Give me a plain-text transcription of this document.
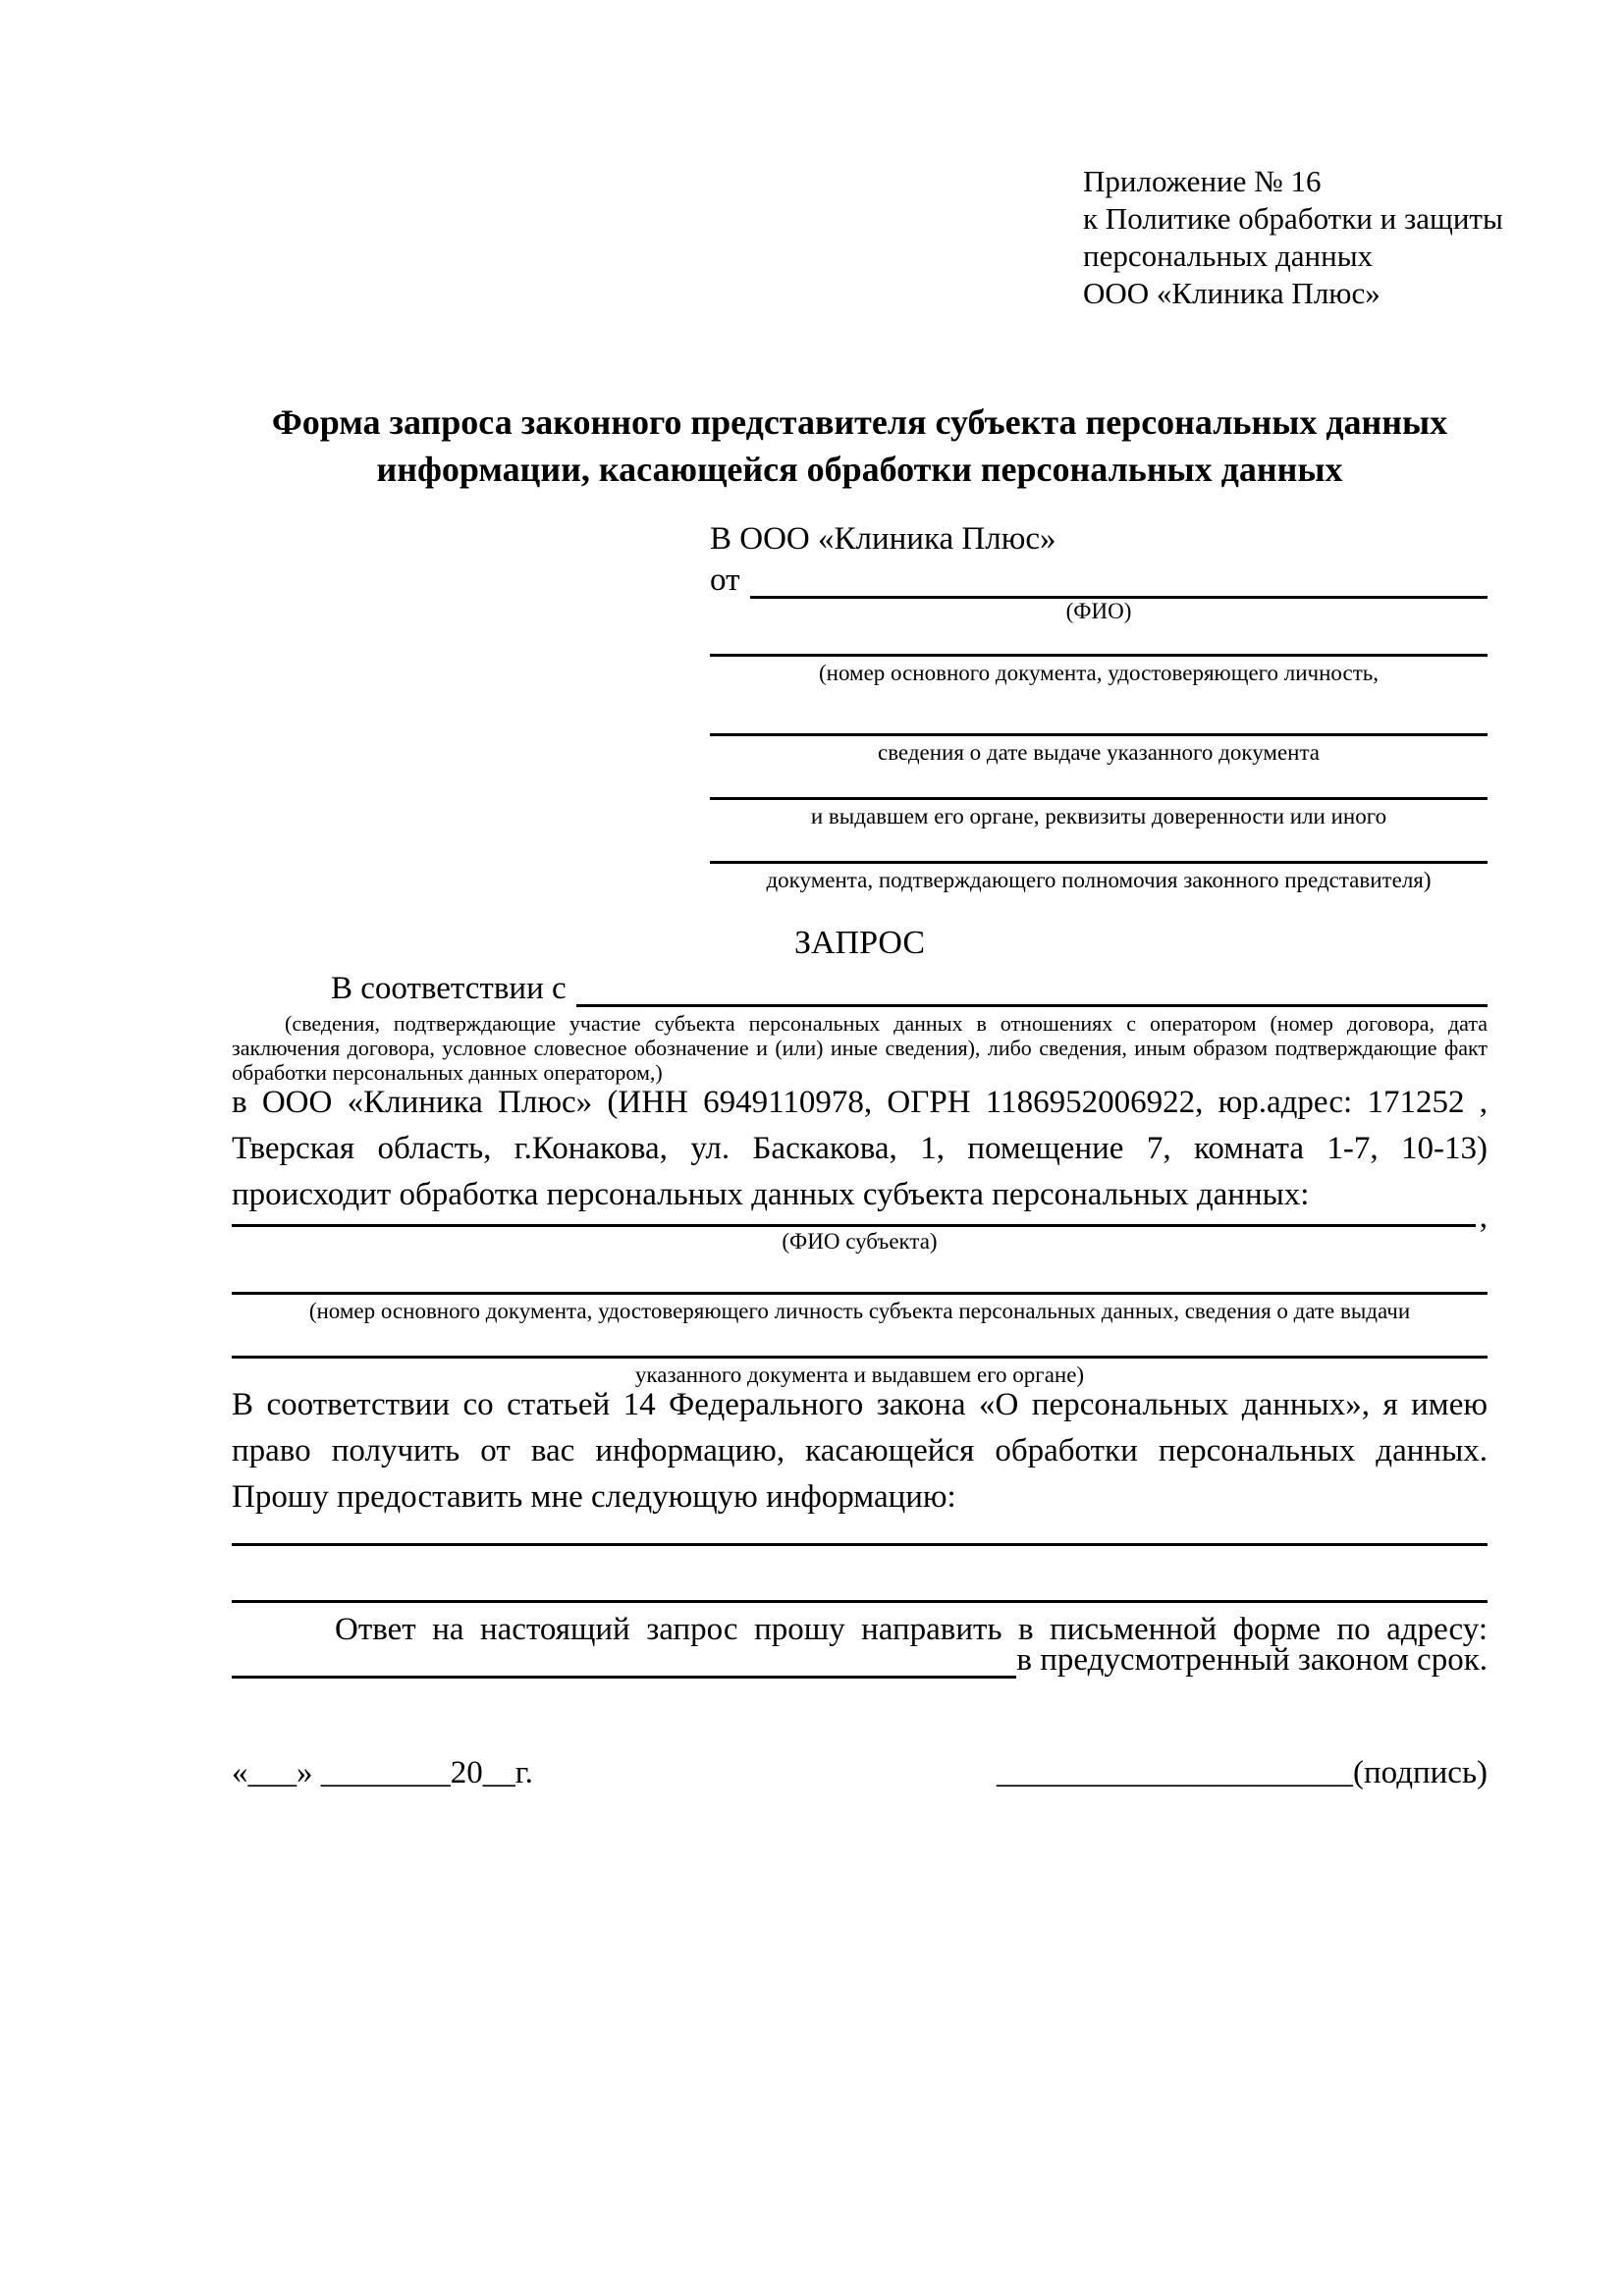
Приложение № 16
к Политике обработки и защиты
персональных данных
ООО «Клиника Плюс»
Форма запроса законного представителя субъекта персональных данных
информации, касающейся обработки персональных данных
В ООО «Клиника Плюс»
от
(ФИО)
(номер основного документа, удостоверяющего личность,
сведения о дате выдаче указанного документа
и выдавшем его органе, реквизиты доверенности или иного
документа, подтверждающего полномочия законного представителя)
ЗАПРОС
В соответствии с
(сведения, подтверждающие участие субъекта персональных данных в отношениях с оператором (номер договора, дата заключения договора, условное словесное обозначение и (или) иные сведения), либо сведения, иным образом подтверждающие факт обработки персональных данных оператором,)
в ООО «Клиника Плюс» (ИНН 6949110978, ОГРН 1186952006922, юр.адрес: 171252 , Тверская область, г.Конакова, ул. Баскакова, 1, помещение 7, комната 1-7, 10-13) происходит обработка персональных данных субъекта персональных данных:
,
(ФИО субъекта)
(номер основного документа, удостоверяющего личность субъекта персональных данных, сведения о дате выдачи
указанного документа и выдавшем его органе)
В соответствии со статьей 14 Федерального закона «О персональных данных», я имею право получить от вас информацию, касающейся обработки персональных данных. Прошу предоставить мне следующую информацию:
Ответ на настоящий запрос прошу направить в письменной форме по адресу:
в предусмотренный законом срок.
«___» ________20__г.	______________________(подпись)
